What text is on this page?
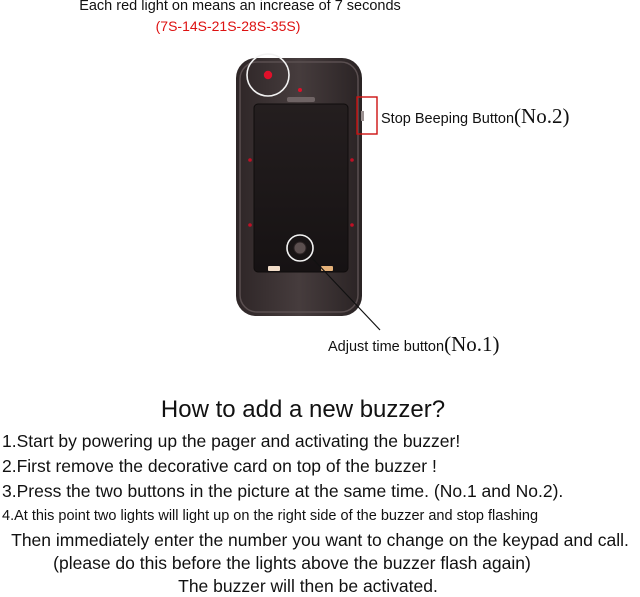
Each red light on means an increase of 7 seconds
(7S-14S-21S-28S-35S)
Stop Beeping Button(No.2)
Adjust time button(No.1)
How to add a new buzzer?
1.Start by powering up the pager and activating the buzzer!
2.First remove the decorative card on top of the buzzer !
3.Press the two buttons in the picture at the same time. (No.1 and No.2).
4.At this point two lights will light up on the right side of the buzzer and stop flashing
Then immediately enter the number you want to change on the keypad and call.
(please do this before the lights above the buzzer flash again)
The buzzer will then be activated.
